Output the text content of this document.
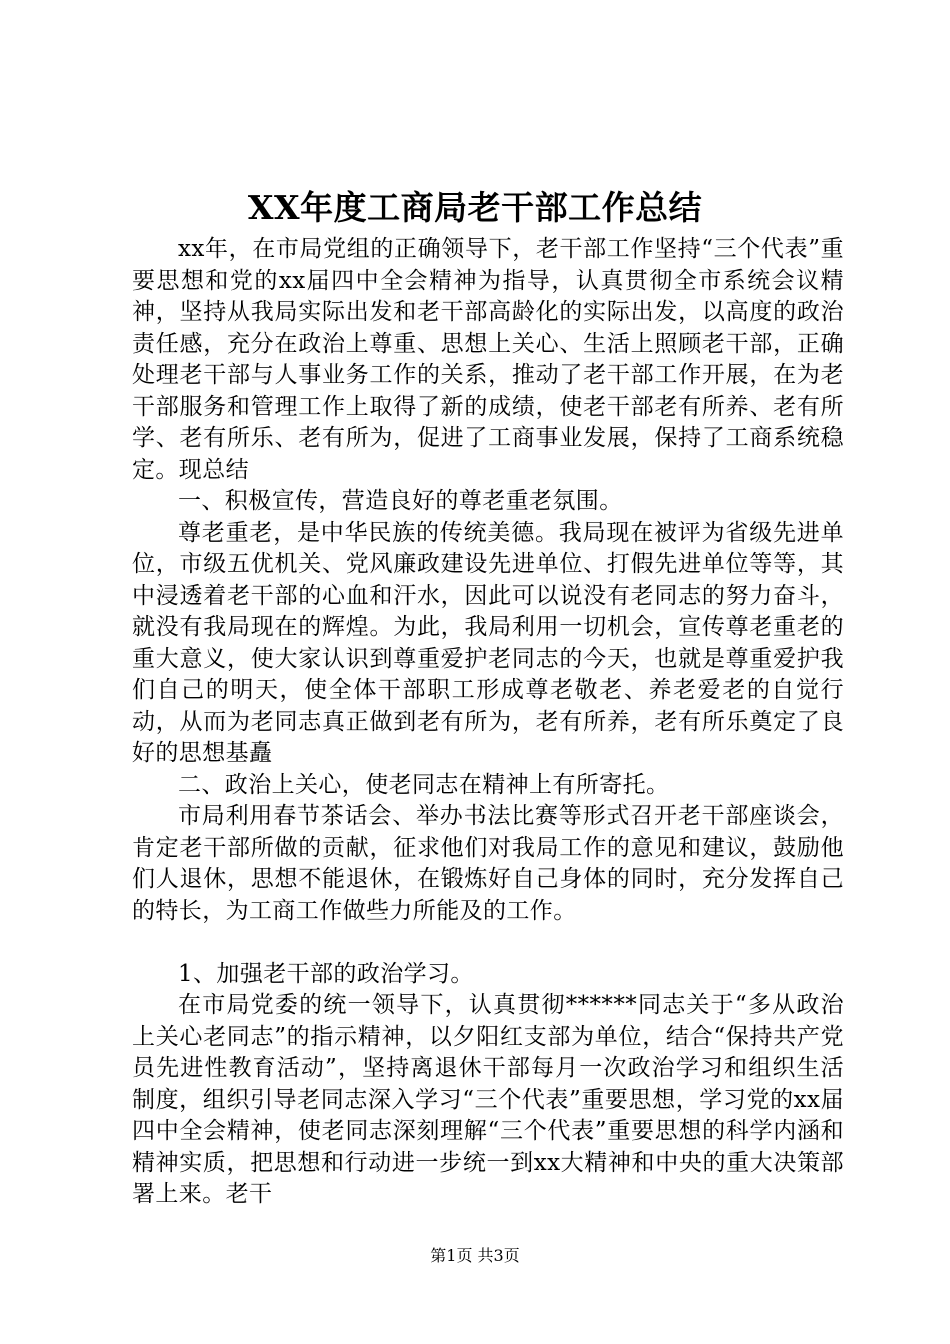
XX年度工商局老干部工作总结

xx年，在市局党组的正确领导下，老干部工作坚持“三个代表”重要思想和党的xx届四中全会精神为指导，认真贯彻全市系统会议精神，坚持从我局实际出发和老干部高龄化的实际出发，以高度的政治责任感，充分在政治上尊重、思想上关心、生活上照顾老干部，正确处理老干部与人事业务工作的关系，推动了老干部工作开展，在为老干部服务和管理工作上取得了新的成绩，使老干部老有所养、老有所学、老有所乐、老有所为，促进了工商事业发展，保持了工商系统稳定。现总结

一、积极宣传，营造良好的尊老重老氛围。

尊老重老，是中华民族的传统美德。我局现在被评为省级先进单位，市级五优机关、党风廉政建设先进单位、打假先进单位等等，其中浸透着老干部的心血和汗水，因此可以说没有老同志的努力奋斗，就没有我局现在的辉煌。为此，我局利用一切机会，宣传尊老重老的重大意义，使大家认识到尊重爱护老同志的今天，也就是尊重爱护我们自己的明天，使全体干部职工形成尊老敬老、养老爱老的自觉行动，从而为老同志真正做到老有所为，老有所养，老有所乐奠定了良好的思想基矗

二、政治上关心，使老同志在精神上有所寄托。

市局利用春节茶话会、举办书法比赛等形式召开老干部座谈会，肯定老干部所做的贡献，征求他们对我局工作的意见和建议，鼓励他们人退休，思想不能退休，在锻炼好自己身体的同时，充分发挥自己的特长，为工商工作做些力所能及的工作。

1、加强老干部的政治学习。

在市局党委的统一领导下，认真贯彻******同志关于“多从政治上关心老同志”的指示精神，以夕阳红支部为单位，结合“保持共产党员先进性教育活动”，坚持离退休干部每月一次政治学习和组织生活制度，组织引导老同志深入学习“三个代表”重要思想，学习党的xx届四中全会精神，使老同志深刻理解“三个代表”重要思想的科学内涵和精神实质，把思想和行动进一步统一到xx大精神和中央的重大决策部署上来。老干

第1页 共3页
